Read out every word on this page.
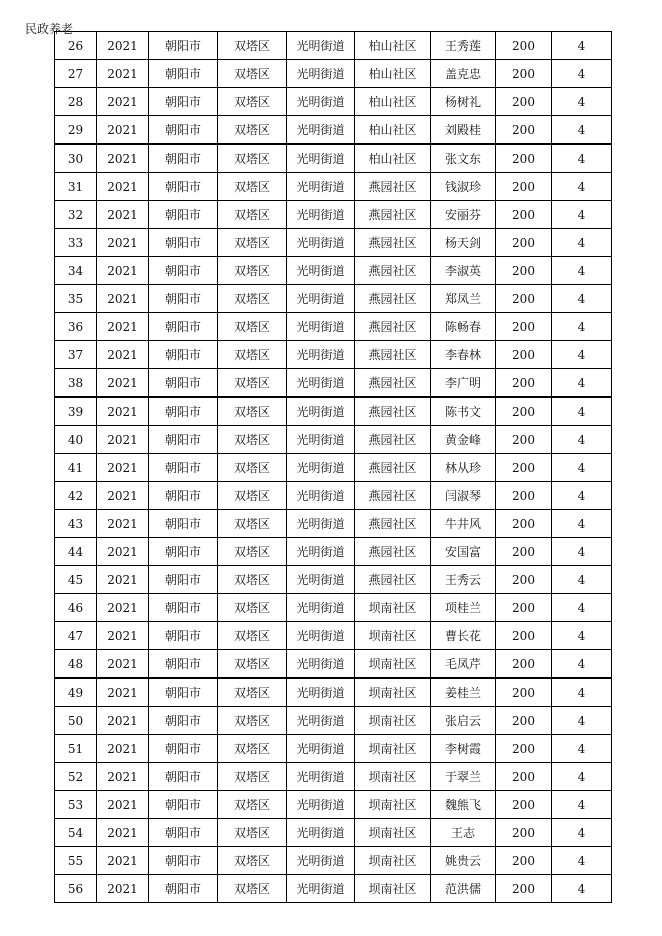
民政养老
26	2021	朝阳市	双塔区	光明街道	柏山社区	王秀莲	200	4
27	2021	朝阳市	双塔区	光明街道	柏山社区	盖克忠	200	4
28	2021	朝阳市	双塔区	光明街道	柏山社区	杨树礼	200	4
29	2021	朝阳市	双塔区	光明街道	柏山社区	刘殿桂	200	4
30	2021	朝阳市	双塔区	光明街道	柏山社区	张文东	200	4
31	2021	朝阳市	双塔区	光明街道	燕园社区	钱淑珍	200	4
32	2021	朝阳市	双塔区	光明街道	燕园社区	安丽芬	200	4
33	2021	朝阳市	双塔区	光明街道	燕园社区	杨天剑	200	4
34	2021	朝阳市	双塔区	光明街道	燕园社区	李淑英	200	4
35	2021	朝阳市	双塔区	光明街道	燕园社区	郑凤兰	200	4
36	2021	朝阳市	双塔区	光明街道	燕园社区	陈畅春	200	4
37	2021	朝阳市	双塔区	光明街道	燕园社区	李春林	200	4
38	2021	朝阳市	双塔区	光明街道	燕园社区	李广明	200	4
39	2021	朝阳市	双塔区	光明街道	燕园社区	陈书文	200	4
40	2021	朝阳市	双塔区	光明街道	燕园社区	黄金峰	200	4
41	2021	朝阳市	双塔区	光明街道	燕园社区	林从珍	200	4
42	2021	朝阳市	双塔区	光明街道	燕园社区	闫淑琴	200	4
43	2021	朝阳市	双塔区	光明街道	燕园社区	牛井风	200	4
44	2021	朝阳市	双塔区	光明街道	燕园社区	安国富	200	4
45	2021	朝阳市	双塔区	光明街道	燕园社区	王秀云	200	4
46	2021	朝阳市	双塔区	光明街道	坝南社区	项桂兰	200	4
47	2021	朝阳市	双塔区	光明街道	坝南社区	曹长花	200	4
48	2021	朝阳市	双塔区	光明街道	坝南社区	毛凤芹	200	4
49	2021	朝阳市	双塔区	光明街道	坝南社区	姜桂兰	200	4
50	2021	朝阳市	双塔区	光明街道	坝南社区	张启云	200	4
51	2021	朝阳市	双塔区	光明街道	坝南社区	李树霞	200	4
52	2021	朝阳市	双塔区	光明街道	坝南社区	于翠兰	200	4
53	2021	朝阳市	双塔区	光明街道	坝南社区	魏熊飞	200	4
54	2021	朝阳市	双塔区	光明街道	坝南社区	王志	200	4
55	2021	朝阳市	双塔区	光明街道	坝南社区	姚贵云	200	4
56	2021	朝阳市	双塔区	光明街道	坝南社区	范洪儒	200	4
